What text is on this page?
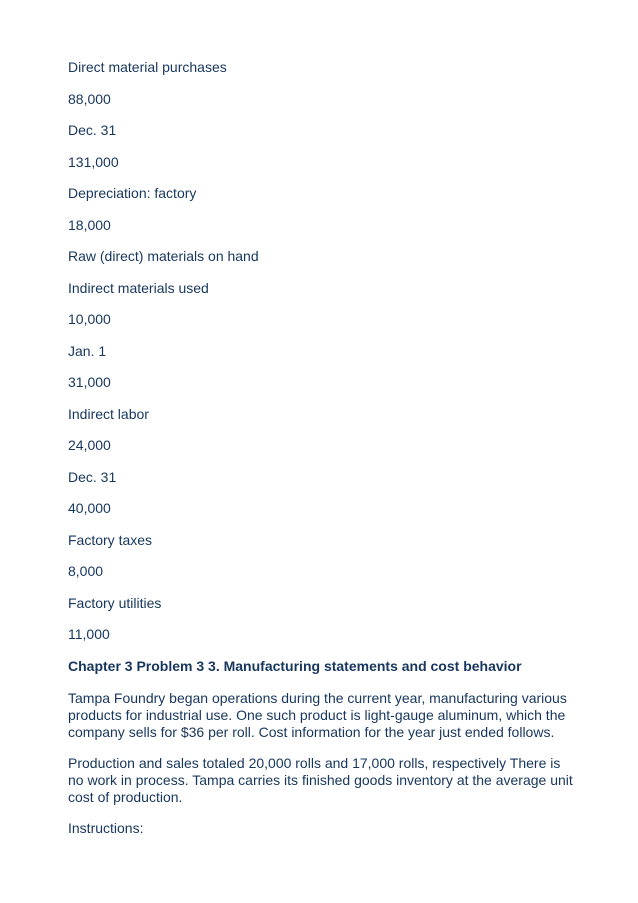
Direct material purchases
88,000
Dec. 31
131,000
Depreciation: factory
18,000
Raw (direct) materials on hand
Indirect materials used
10,000
Jan. 1
31,000
Indirect labor
24,000
Dec. 31
40,000
Factory taxes
8,000
Factory utilities
11,000
Chapter 3 Problem 3 3. Manufacturing statements and cost behavior
Tampa Foundry began operations during the current year, manufacturing various
products for industrial use. One such product is light-gauge aluminum, which the
company sells for $36 per roll. Cost information for the year just ended follows.
Production and sales totaled 20,000 rolls and 17,000 rolls, respectively There is
no work in process. Tampa carries its finished goods inventory at the average unit
cost of production.
Instructions:
